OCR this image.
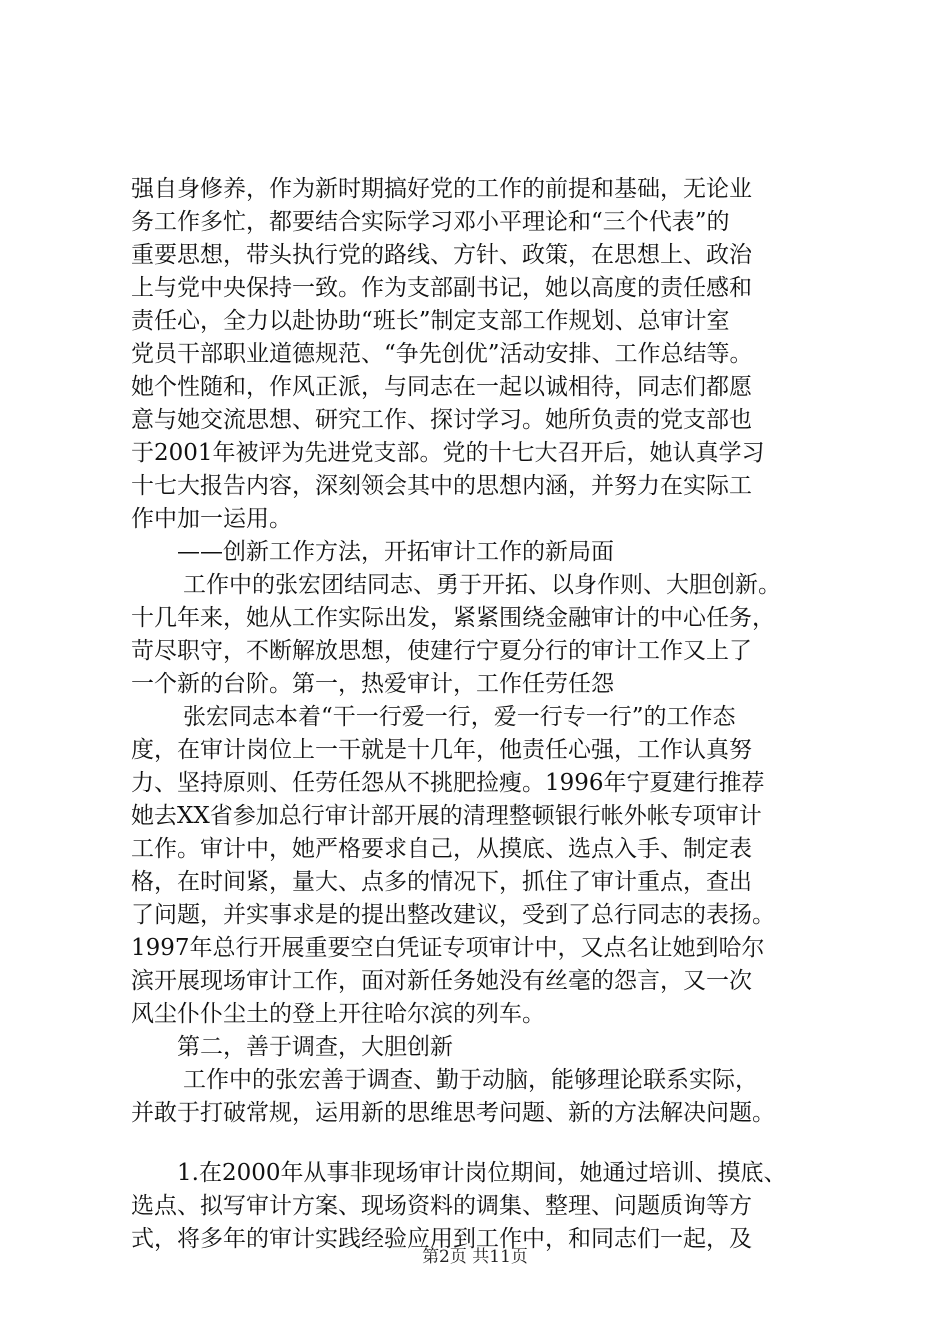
强自身修养，作为新时期搞好党的工作的前提和基础，无论业
务工作多忙，都要结合实际学习邓小平理论和“三个代表”的
重要思想，带头执行党的路线、方针、政策，在思想上、政治
上与党中央保持一致。作为支部副书记，她以高度的责任感和
责任心，全力以赴协助“班长”制定支部工作规划、总审计室
党员干部职业道德规范、“争先创优”活动安排、工作总结等。
她个性随和，作风正派，与同志在一起以诚相待，同志们都愿
意与她交流思想、研究工作、探讨学习。她所负责的党支部也
于2001年被评为先进党支部。党的十七大召开后，她认真学习
十七大报告内容，深刻领会其中的思想内涵，并努力在实际工
作中加一运用。
——创新工作方法，开拓审计工作的新局面
工作中的张宏团结同志、勇于开拓、以身作则、大胆创新。
十几年来，她从工作实际出发，紧紧围绕金融审计的中心任务，
苛尽职守，不断解放思想，使建行宁夏分行的审计工作又上了
一个新的台阶。第一，热爱审计，工作任劳任怨
张宏同志本着“干一行爱一行，爱一行专一行”的工作态
度，在审计岗位上一干就是十几年，他责任心强，工作认真努
力、坚持原则、任劳任怨从不挑肥捡瘦。1996年宁夏建行推荐
她去XX省参加总行审计部开展的清理整顿银行帐外帐专项审计
工作。审计中，她严格要求自己，从摸底、选点入手、制定表
格，在时间紧，量大、点多的情况下，抓住了审计重点，查出
了问题，并实事求是的提出整改建议，受到了总行同志的表扬。
1997年总行开展重要空白凭证专项审计中，又点名让她到哈尔
滨开展现场审计工作，面对新任务她没有丝毫的怨言，又一次
风尘仆仆尘土的登上开往哈尔滨的列车。
第二，善于调查，大胆创新
工作中的张宏善于调查、勤于动脑，能够理论联系实际，
并敢于打破常规，运用新的思维思考问题、新的方法解决问题。
1.在2000年从事非现场审计岗位期间，她通过培训、摸底、
选点、拟写审计方案、现场资料的调集、整理、问题质询等方
式，将多年的审计实践经验应用到工作中，和同志们一起，及
第2页 共11页
